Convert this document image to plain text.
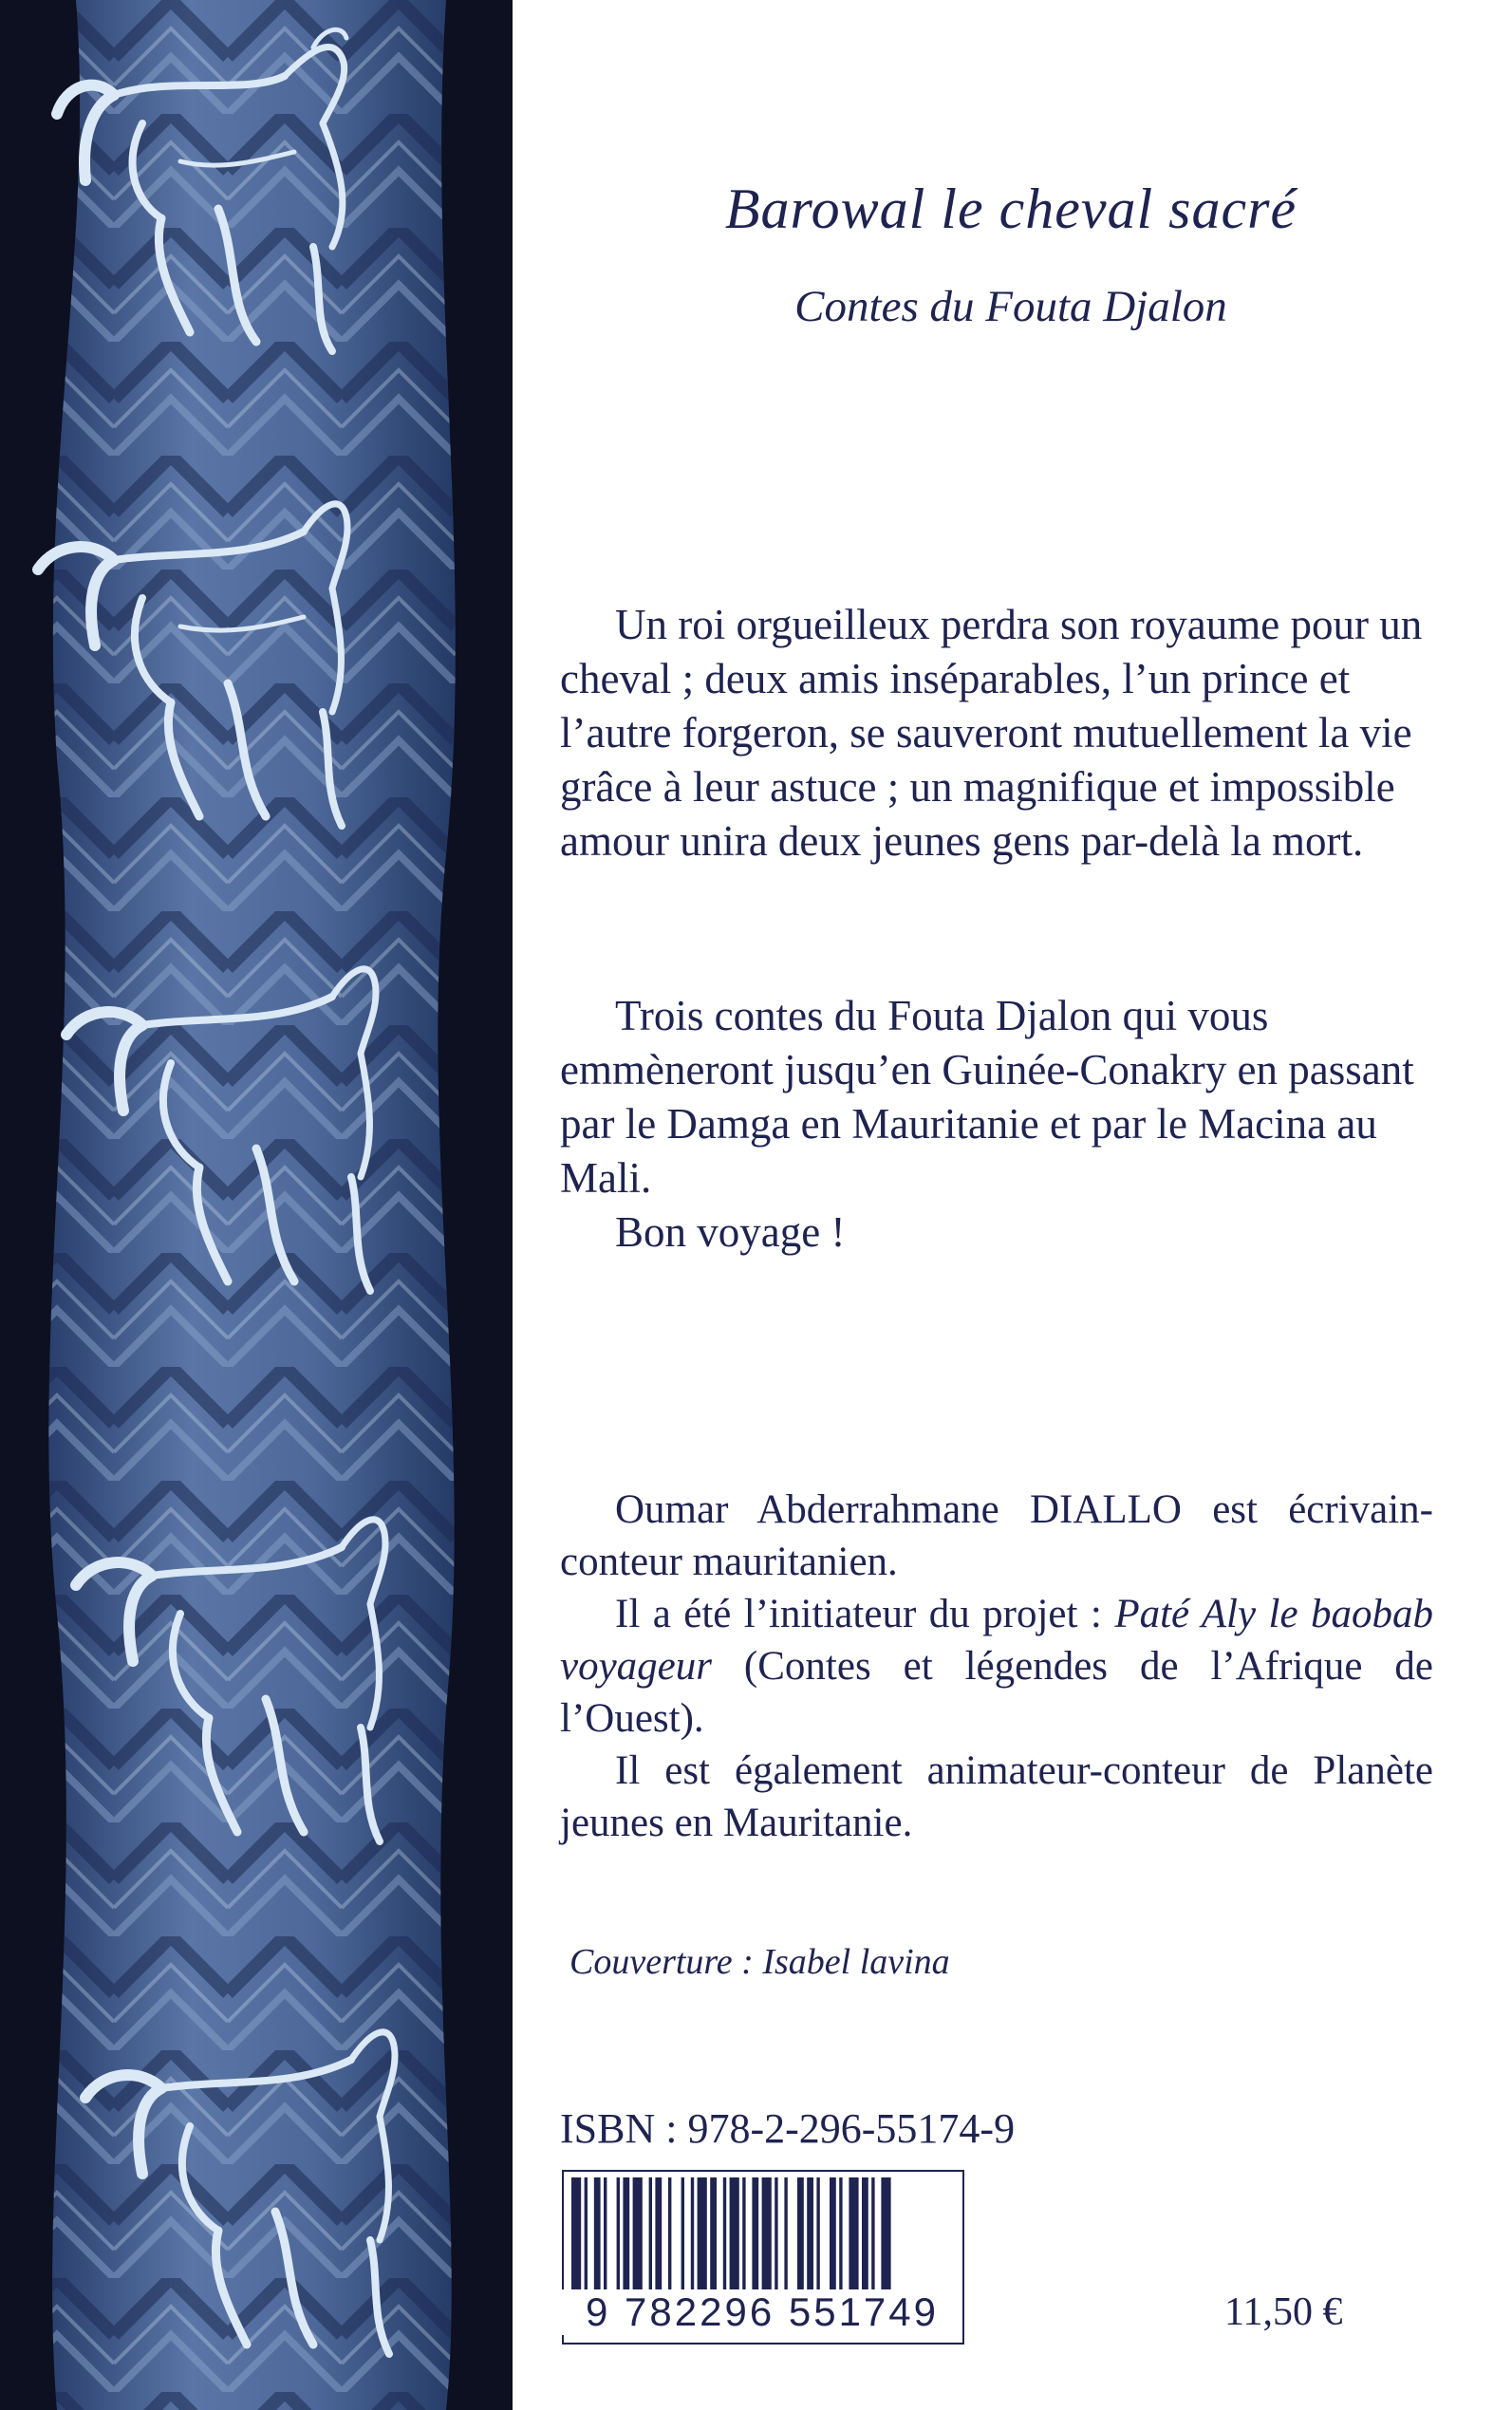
Barowal le cheval sacré
Contes du Fouta Djalon

Un roi orgueilleux perdra son royaume pour un cheval ; deux amis inséparables, l’un prince et l’autre forgeron, se sauveront mutuellement la vie grâce à leur astuce ; un magnifique et impossible amour unira deux jeunes gens par-delà la mort.

Trois contes du Fouta Djalon qui vous emmèneront jusqu’en Guinée-Conakry en passant par le Damga en Mauritanie et par le Macina au Mali.

Bon voyage !

Oumar Abderrahmane DIALLO est écrivain-conteur mauritanien.

Il a été l’initiateur du projet : Paté Aly le baobab voyageur (Contes et légendes de l’Afrique de l’Ouest).

Il est également animateur-conteur de Planète jeunes en Mauritanie.

Couverture : Isabel lavina
ISBN : 978-2-296-55174-9
9 782296 551749	11,50 €
